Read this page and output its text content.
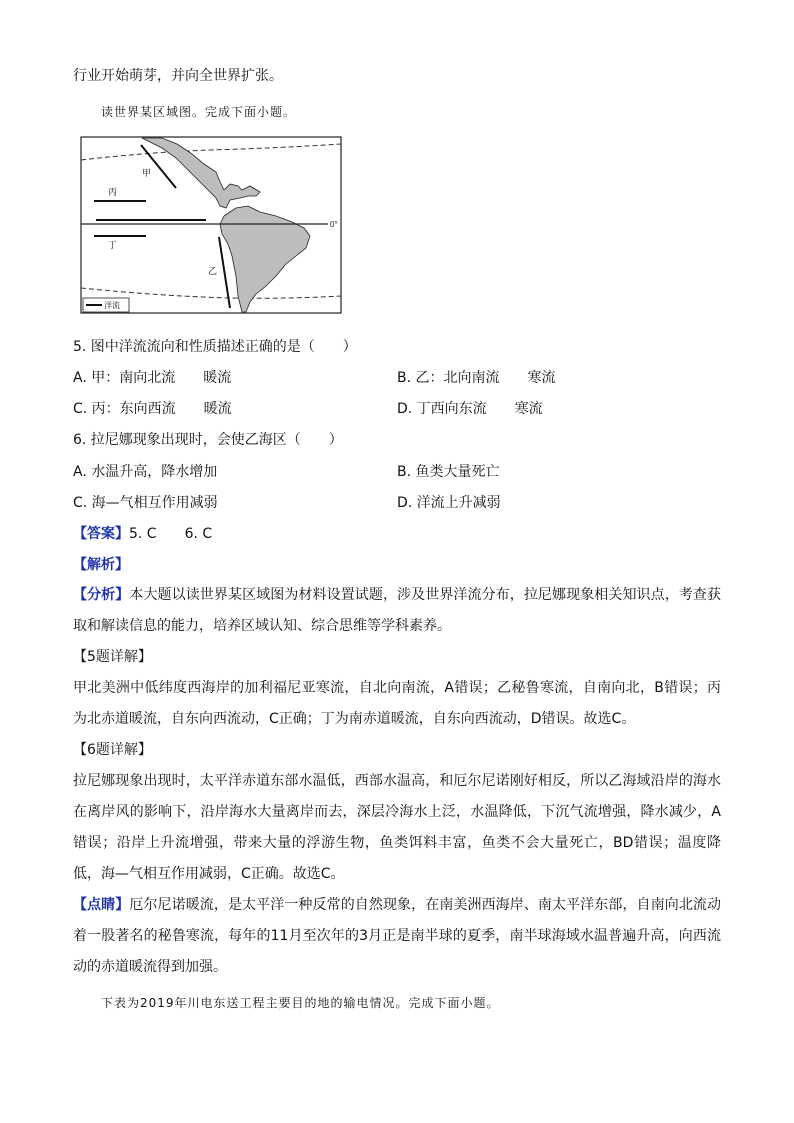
行业开始萌芽，并向全世界扩张。
读世界某区域图。完成下面小题。
0°
甲
丙
丁
乙
洋流
5. 图中洋流流向和性质描述正确的是（　　）
A. 甲：南向北流　　暖流	B. 乙：北向南流　　寒流
C. 丙：东向西流　　暖流	D. 丁西向东流　　寒流
6. 拉尼娜现象出现时，会使乙海区（　　）
A. 水温升高，降水增加	B. 鱼类大量死亡
C. 海—气相互作用减弱	D. 洋流上升减弱
【答案】5. C　　6. C
【解析】
【分析】本大题以读世界某区域图为材料设置试题，涉及世界洋流分布，拉尼娜现象相关知识点，考查获取和解读信息的能力，培养区域认知、综合思维等学科素养。
【5题详解】
甲北美洲中低纬度西海岸的加利福尼亚寒流，自北向南流，A错误；乙秘鲁寒流，自南向北，B错误；丙为北赤道暖流，自东向西流动，C正确；丁为南赤道暖流，自东向西流动，D错误。故选C。
【6题详解】
拉尼娜现象出现时，太平洋赤道东部水温低，西部水温高，和厄尔尼诺刚好相反，所以乙海域沿岸的海水在离岸风的影响下，沿岸海水大量离岸而去，深层冷海水上泛，水温降低，下沉气流增强，降水减少，A错误；沿岸上升流增强，带来大量的浮游生物，鱼类饵料丰富，鱼类不会大量死亡，BD错误；温度降低，海—气相互作用减弱，C正确。故选C。
【点睛】厄尔尼诺暖流，是太平洋一种反常的自然现象，在南美洲西海岸、南太平洋东部，自南向北流动着一股著名的秘鲁寒流，每年的11月至次年的3月正是南半球的夏季，南半球海域水温普遍升高，向西流动的赤道暖流得到加强。
下表为2019年川电东送工程主要目的地的输电情况。完成下面小题。
